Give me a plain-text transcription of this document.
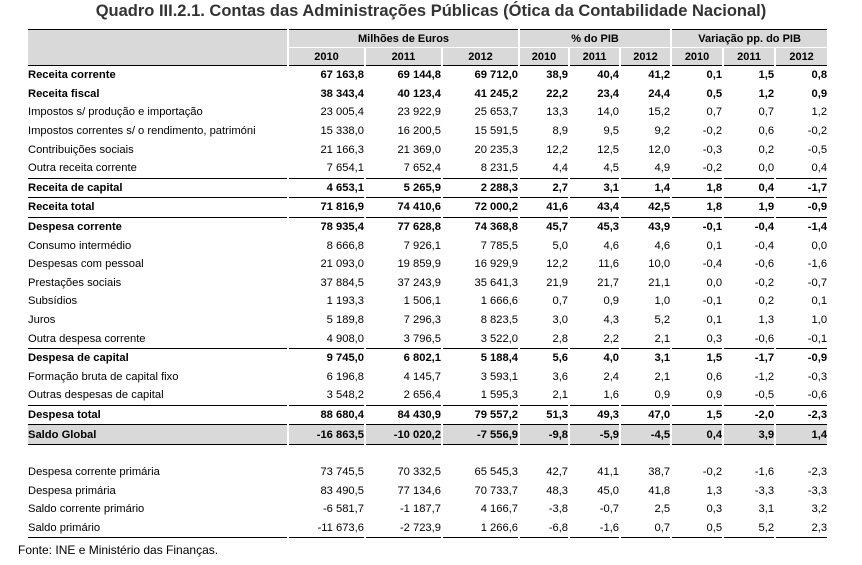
Quadro III.2.1. Contas das Administrações Públicas (Ótica da Contabilidade Nacional)
	Milhões de Euros			% do PIB			Variação pp. do PIB		
	2010	2011	2012	2010	2011	2012	2010	2011	2012
Receita corrente	67 163,8	69 144,8	69 712,0	38,9	40,4	41,2	0,1	1,5	0,8
Receita fiscal	38 343,4	40 123,4	41 245,2	22,2	23,4	24,4	0,5	1,2	0,9
Impostos s/ produção e importação	23 005,4	23 922,9	25 653,7	13,3	14,0	15,2	0,7	0,7	1,2
Impostos correntes s/ o rendimento, patrimóni	15 338,0	16 200,5	15 591,5	8,9	9,5	9,2	-0,2	0,6	-0,2
Contribuições sociais	21 166,3	21 369,0	20 235,3	12,2	12,5	12,0	-0,3	0,2	-0,5
Outra receita corrente	7 654,1	7 652,4	8 231,5	4,4	4,5	4,9	-0,2	0,0	0,4
Receita de capital	4 653,1	5 265,9	2 288,3	2,7	3,1	1,4	1,8	0,4	-1,7
Receita total	71 816,9	74 410,6	72 000,2	41,6	43,4	42,5	1,8	1,9	-0,9
Despesa corrente	78 935,4	77 628,8	74 368,8	45,7	45,3	43,9	-0,1	-0,4	-1,4
Consumo intermédio	8 666,8	7 926,1	7 785,5	5,0	4,6	4,6	0,1	-0,4	0,0
Despesas com pessoal	21 093,0	19 859,9	16 929,9	12,2	11,6	10,0	-0,4	-0,6	-1,6
Prestações sociais	37 884,5	37 243,9	35 641,3	21,9	21,7	21,1	0,0	-0,2	-0,7
Subsídios	1 193,3	1 506,1	1 666,6	0,7	0,9	1,0	-0,1	0,2	0,1
Juros	5 189,8	7 296,3	8 823,5	3,0	4,3	5,2	0,1	1,3	1,0
Outra despesa corrente	4 908,0	3 796,5	3 522,0	2,8	2,2	2,1	0,3	-0,6	-0,1
Despesa de capital	9 745,0	6 802,1	5 188,4	5,6	4,0	3,1	1,5	-1,7	-0,9
Formação bruta de capital fixo	6 196,8	4 145,7	3 593,1	3,6	2,4	2,1	0,6	-1,2	-0,3
Outras despesas de capital	3 548,2	2 656,4	1 595,3	2,1	1,6	0,9	0,9	-0,5	-0,6
Despesa total	88 680,4	84 430,9	79 557,2	51,3	49,3	47,0	1,5	-2,0	-2,3
Saldo Global	-16 863,5	-10 020,2	-7 556,9	-9,8	-5,9	-4,5	0,4	3,9	1,4

Despesa corrente primária	73 745,5	70 332,5	65 545,3	42,7	41,1	38,7	-0,2	-1,6	-2,3
Despesa primária	83 490,5	77 134,6	70 733,7	48,3	45,0	41,8	1,3	-3,3	-3,3
Saldo corrente primário	-6 581,7	-1 187,7	4 166,7	-3,8	-0,7	2,5	0,3	3,1	3,2
Saldo primário	-11 673,6	-2 723,9	1 266,6	-6,8	-1,6	0,7	0,5	5,2	2,3
Fonte: INE e Ministério das Finanças.
